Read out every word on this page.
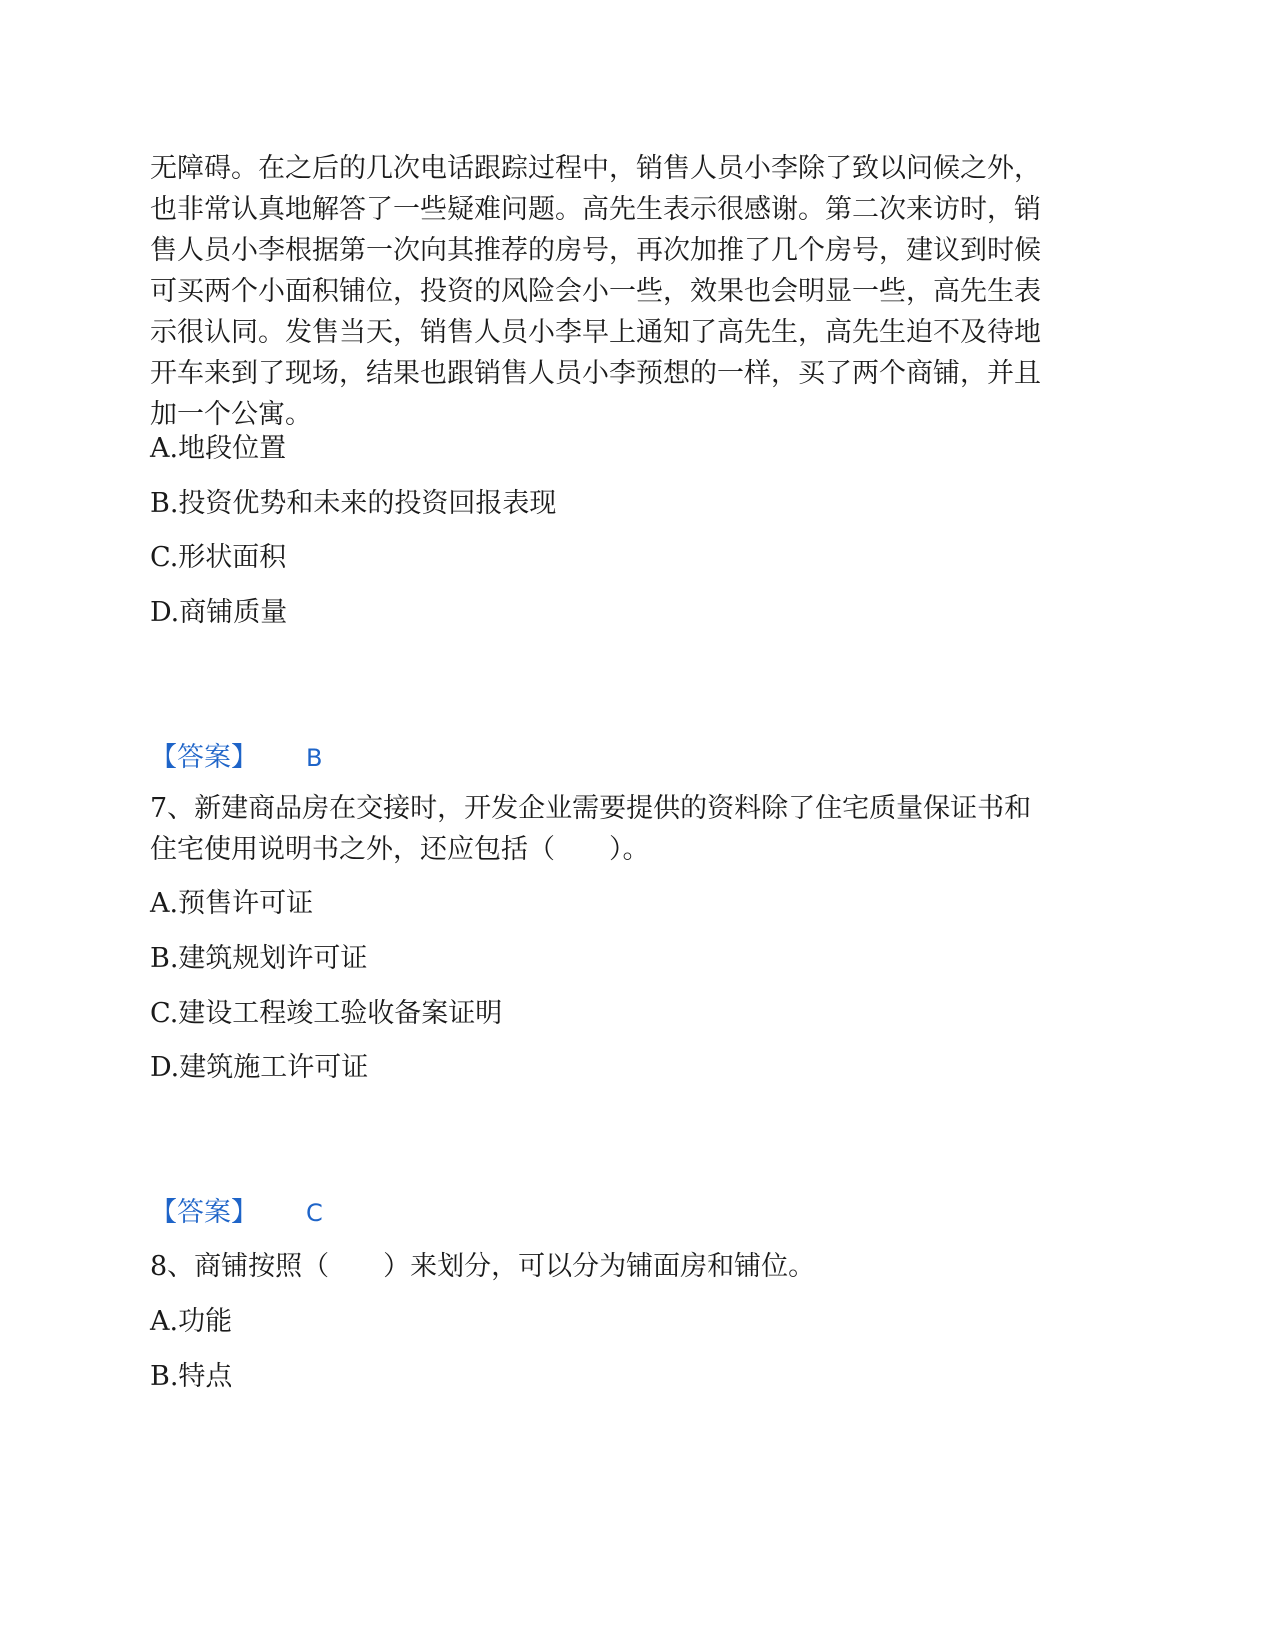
无障碍。在之后的几次电话跟踪过程中，销售人员小李除了致以问候之外，
也非常认真地解答了一些疑难问题。高先生表示很感谢。第二次来访时，销
售人员小李根据第一次向其推荐的房号，再次加推了几个房号，建议到时候
可买两个小面积铺位，投资的风险会小一些，效果也会明显一些，高先生表
示很认同。发售当天，销售人员小李早上通知了高先生，高先生迫不及待地
开车来到了现场，结果也跟销售人员小李预想的一样，买了两个商铺，并且
加一个公寓。

A.地段位置

B.投资优势和未来的投资回报表现

C.形状面积

D.商铺质量

【答案】 B

7、新建商品房在交接时，开发企业需要提供的资料除了住宅质量保证书和
住宅使用说明书之外，还应包括（　　）。

A.预售许可证

B.建筑规划许可证

C.建设工程竣工验收备案证明

D.建筑施工许可证

【答案】 C

8、商铺按照（　　）来划分，可以分为铺面房和铺位。

A.功能

B.特点
